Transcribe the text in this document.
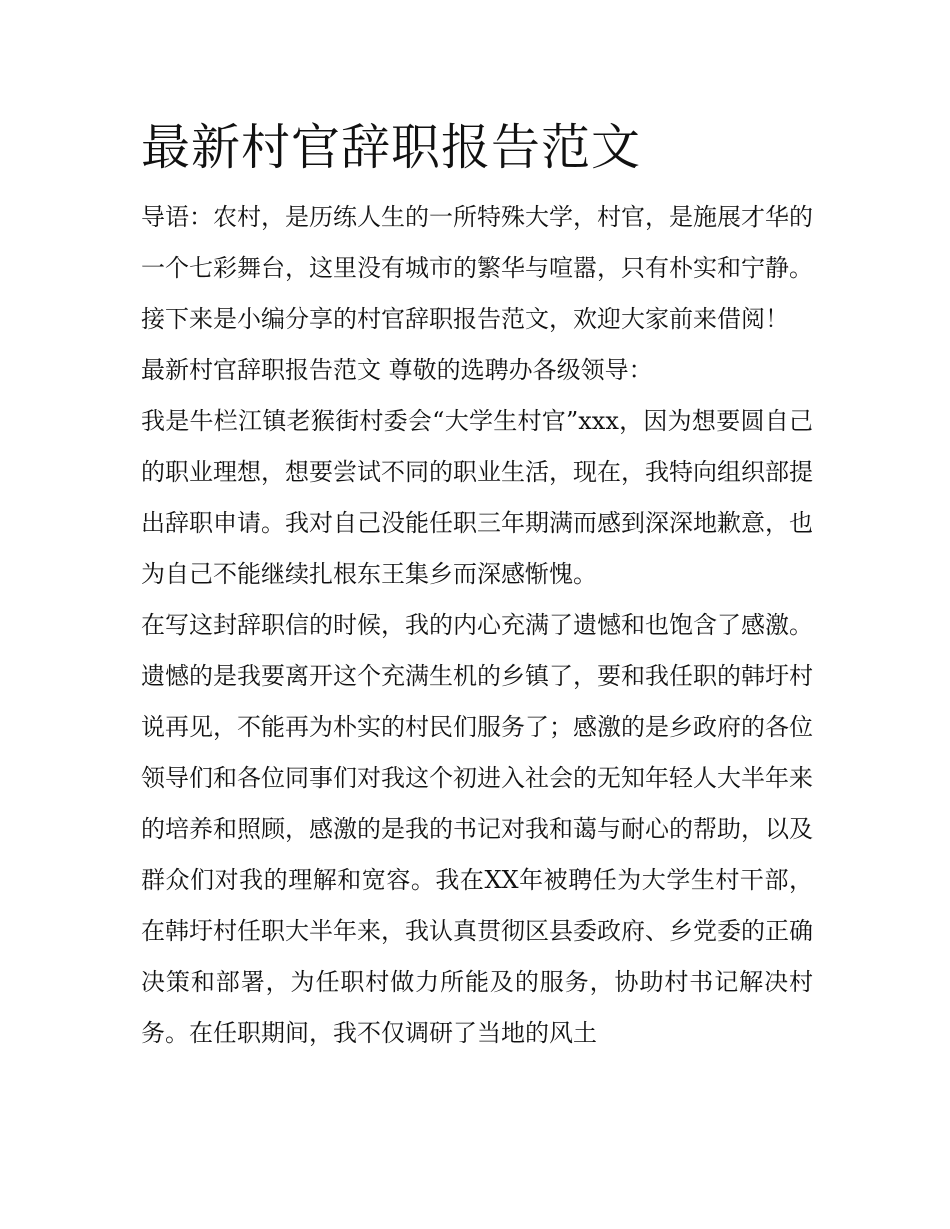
最新村官辞职报告范文

导语：农村，是历练人生的一所特殊大学，村官，是施展才华的一个七彩舞台，这里没有城市的繁华与喧嚣，只有朴实和宁静。接下来是小编分享的村官辞职报告范文，欢迎大家前来借阅！

最新村官辞职报告范文 尊敬的选聘办各级领导：

我是牛栏江镇老猴街村委会“大学生村官”xxx，因为想要圆自己的职业理想，想要尝试不同的职业生活，现在，我特向组织部提出辞职申请。我对自己没能任职三年期满而感到深深地歉意，也为自己不能继续扎根东王集乡而深感惭愧。

在写这封辞职信的时候，我的内心充满了遗憾和也饱含了感激。遗憾的是我要离开这个充满生机的乡镇了，要和我任职的韩圩村说再见，不能再为朴实的村民们服务了；感激的是乡政府的各位领导们和各位同事们对我这个初进入社会的无知年轻人大半年来的培养和照顾，感激的是我的书记对我和蔼与耐心的帮助，以及群众们对我的理解和宽容。我在XX年被聘任为大学生村干部，在韩圩村任职大半年来，我认真贯彻区县委政府、乡党委的正确决策和部署，为任职村做力所能及的服务，协助村书记解决村务。在任职期间，我不仅调研了当地的风土
